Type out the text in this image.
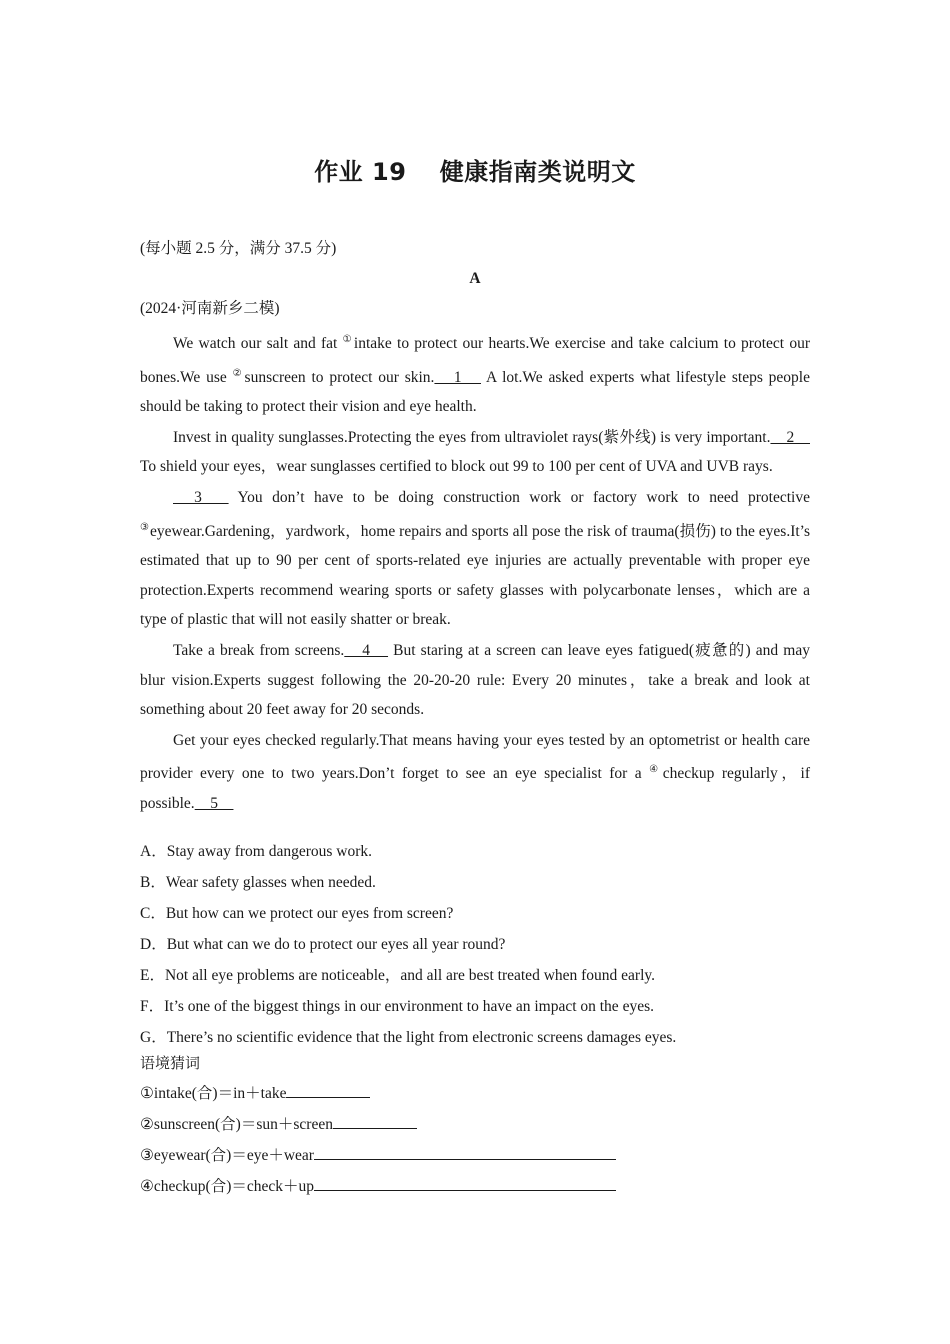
作业 19　 健康指南类说明文
(每小题 2.5 分，满分 37.5 分)
A
(2024·河南新乡二模)

We watch our salt and fat ①intake to protect our hearts.We exercise and take calcium to protect our bones.We use ②sunscreen to protect our skin.　1　 A lot.We asked experts what lifestyle steps people should be taking to protect their vision and eye health.

Invest in quality sunglasses.Protecting the eyes from ultraviolet rays(紫外线) is very important.　2　 To shield your eyes，wear sunglasses certified to block out 99 to 100 per cent of UVA and UVB rays.

　3　 You don’t have to be doing construction work or factory work to need protective ③eyewear.Gardening，yardwork，home repairs and sports all pose the risk of trauma(损伤) to the eyes.It’s estimated that up to 90 per cent of sports-related eye injuries are actually preventable with proper eye protection.Experts recommend wearing sports or safety glasses with polycarbonate lenses，which are a type of plastic that will not easily shatter or break.

Take a break from screens.　4　 But staring at a screen can leave eyes fatigued(疲惫的) and may blur vision.Experts suggest following the 20-20-20 rule: Every 20 minutes，take a break and look at something about 20 feet away for 20 seconds.

Get your eyes checked regularly.That means having your eyes tested by an optometrist or health care provider every one to two years.Don’t forget to see an eye specialist for a ④checkup regularly，if possible.　5　

A．Stay away from dangerous work.
B．Wear safety glasses when needed.
C．But how can we protect our eyes from screen?
D．But what can we do to protect our eyes all year round?
E．Not all eye problems are noticeable，and all are best treated when found early.
F．It’s one of the biggest things in our environment to have an impact on the eyes.
G．There’s no scientific evidence that the light from electronic screens damages eyes.
语境猜词
①intake(合)＝in＋take
②sunscreen(合)＝sun＋screen
③eyewear(合)＝eye＋wear
④checkup(合)＝check＋up
